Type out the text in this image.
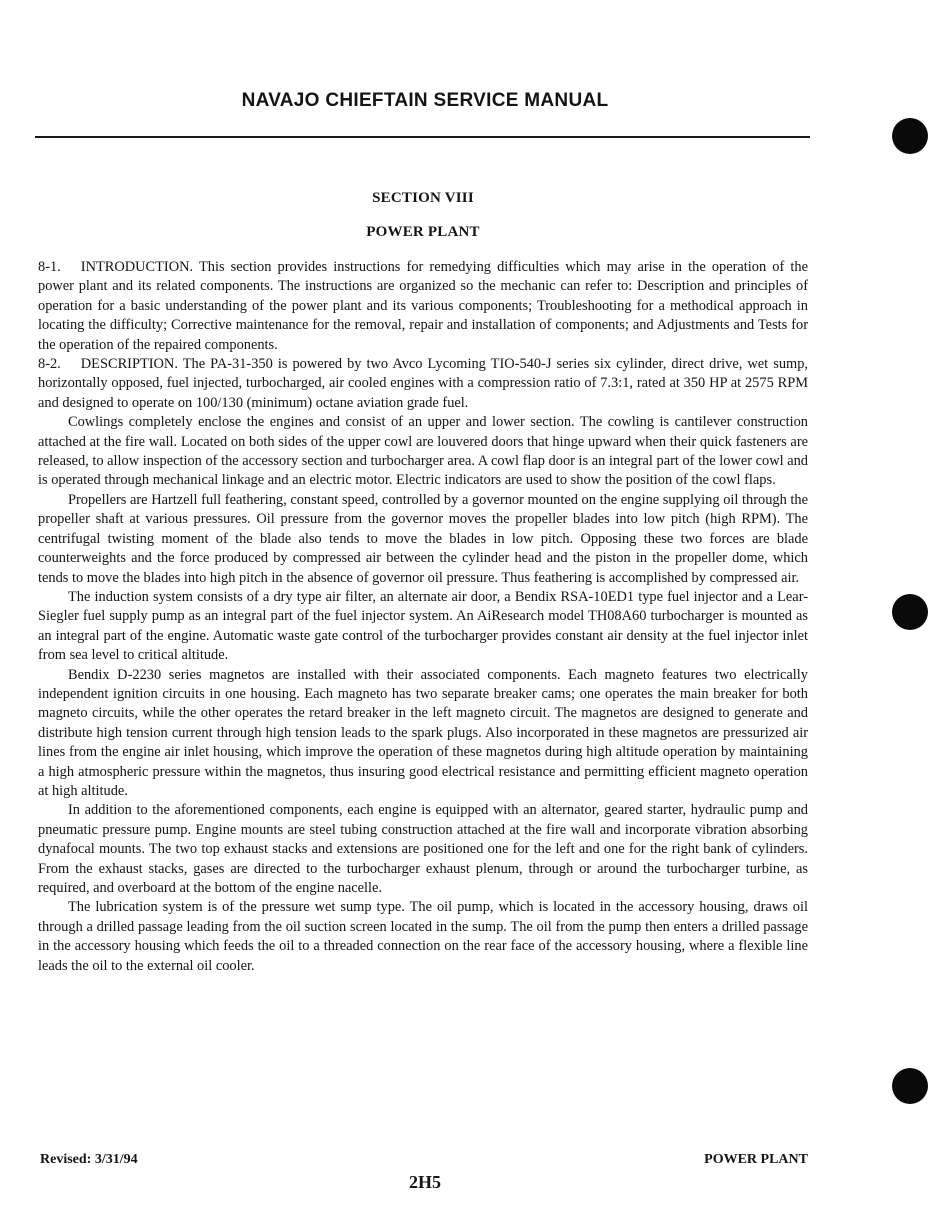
NAVAJO CHIEFTAIN SERVICE MANUAL
SECTION VIII
POWER PLANT

8-1. INTRODUCTION. This section provides instructions for remedying difficulties which may arise in the operation of the power plant and its related components. The instructions are organized so the mechanic can refer to: Description and principles of operation for a basic understanding of the power plant and its various components; Troubleshooting for a methodical approach in locating the difficulty; Corrective maintenance for the removal, repair and installation of components; and Adjustments and Tests for the operation of the repaired components.

8-2. DESCRIPTION. The PA-31-350 is powered by two Avco Lycoming TIO-540-J series six cylinder, direct drive, wet sump, horizontally opposed, fuel injected, turbocharged, air cooled engines with a compression ratio of 7.3:1, rated at 350 HP at 2575 RPM and designed to operate on 100/130 (minimum) octane aviation grade fuel.

Cowlings completely enclose the engines and consist of an upper and lower section. The cowling is cantilever construction attached at the fire wall. Located on both sides of the upper cowl are louvered doors that hinge upward when their quick fasteners are released, to allow inspection of the accessory section and turbocharger area. A cowl flap door is an integral part of the lower cowl and is operated through mechanical linkage and an electric motor. Electric indicators are used to show the position of the cowl flaps.

Propellers are Hartzell full feathering, constant speed, controlled by a governor mounted on the engine supplying oil through the propeller shaft at various pressures. Oil pressure from the governor moves the propeller blades into low pitch (high RPM). The centrifugal twisting moment of the blade also tends to move the blades in low pitch. Opposing these two forces are blade counterweights and the force produced by compressed air between the cylinder head and the piston in the propeller dome, which tends to move the blades into high pitch in the absence of governor oil pressure. Thus feathering is accomplished by compressed air.

The induction system consists of a dry type air filter, an alternate air door, a Bendix RSA-10ED1 type fuel injector and a Lear-Siegler fuel supply pump as an integral part of the fuel injector system. An AiResearch model TH08A60 turbocharger is mounted as an integral part of the engine. Automatic waste gate control of the turbocharger provides constant air density at the fuel injector inlet from sea level to critical altitude.

Bendix D-2230 series magnetos are installed with their associated components. Each magneto features two electrically independent ignition circuits in one housing. Each magneto has two separate breaker cams; one operates the main breaker for both magneto circuits, while the other operates the retard breaker in the left magneto circuit. The magnetos are designed to generate and distribute high tension current through high tension leads to the spark plugs. Also incorporated in these magnetos are pressurized air lines from the engine air inlet housing, which improve the operation of these magnetos during high altitude operation by maintaining a high atmospheric pressure within the magnetos, thus insuring good electrical resistance and permitting efficient magneto operation at high altitude.

In addition to the aforementioned components, each engine is equipped with an alternator, geared starter, hydraulic pump and pneumatic pressure pump. Engine mounts are steel tubing construction attached at the fire wall and incorporate vibration absorbing dynafocal mounts. The two top exhaust stacks and extensions are positioned one for the left and one for the right bank of cylinders. From the exhaust stacks, gases are directed to the turbocharger exhaust plenum, through or around the turbocharger turbine, as required, and overboard at the bottom of the engine nacelle.

The lubrication system is of the pressure wet sump type. The oil pump, which is located in the accessory housing, draws oil through a drilled passage leading from the oil suction screen located in the sump. The oil from the pump then enters a drilled passage in the accessory housing which feeds the oil to a threaded connection on the rear face of the accessory housing, where a flexible line leads the oil to the external oil cooler.

Revised: 3/31/94	POWER PLANT
2H5
